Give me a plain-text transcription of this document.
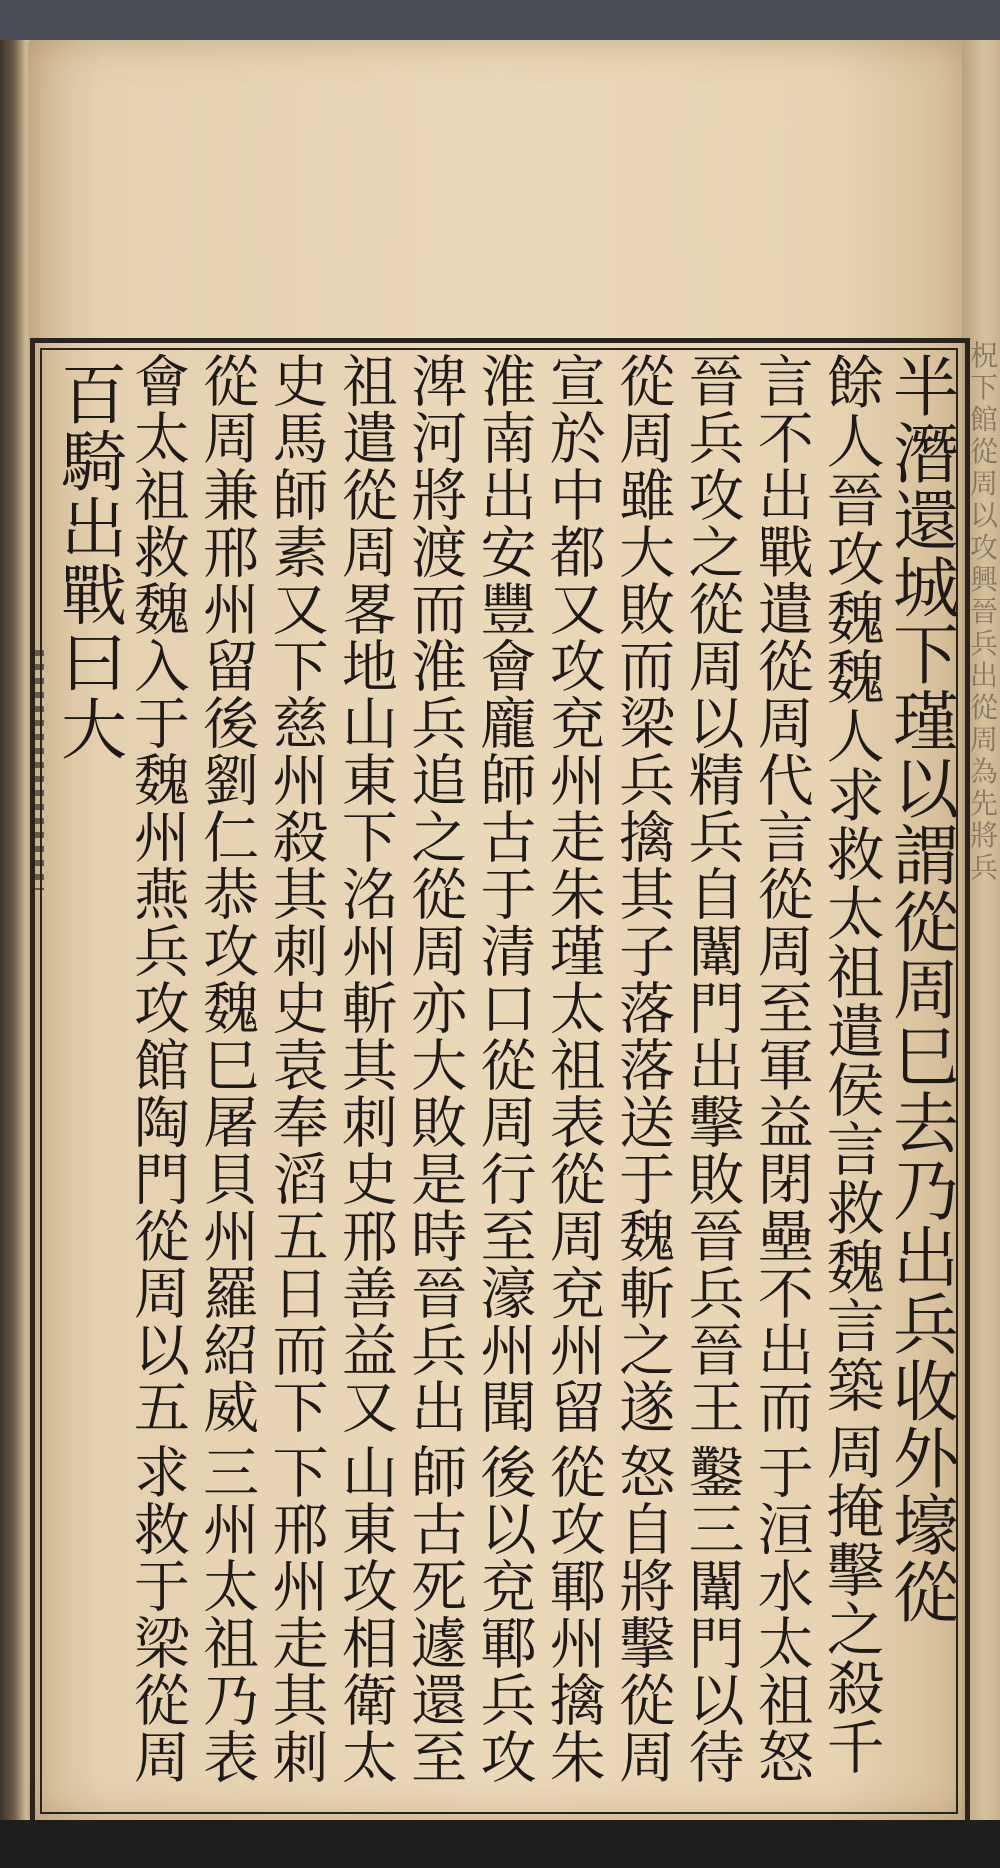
柷下館從周以攻興晉兵出從周為先將兵
半潛還城下瑾以謂從周巳去乃出兵收外壕從
餘人晉攻魏魏人求救太祖遣侯言救魏言築
周掩擊之殺千
言不出戰遣從周代言從周至軍益閉壘不出而
于洹水太祖怒
晉兵攻之從周以精兵自闈門出擊敗晉兵晉王
鑿三闈門以待
從周雖大敗而梁兵擒其子落落送于魏斬之遂
怒自將擊從周
宣於中都又攻兗州走朱瑾太祖表從周兗州留
從攻鄆州擒朱
淮南出安豐會龐師古于清口從周行至濠州聞
後以兗鄆兵攻
渒河將渡而淮兵追之從周亦大敗是時晉兵出
師古死遽還至
祖遣從周畧地山東下洺州斬其刺史邢善益又
山東攻相衛太
史馬師素又下慈州殺其刺史袁奉滔五日而下
下邢州走其刺
從周兼邢州留後劉仁恭攻魏巳屠貝州羅紹威
三州太祖乃表
會太祖救魏入于魏州燕兵攻館陶門從周以五
求救于梁從周
百騎出戰曰大
